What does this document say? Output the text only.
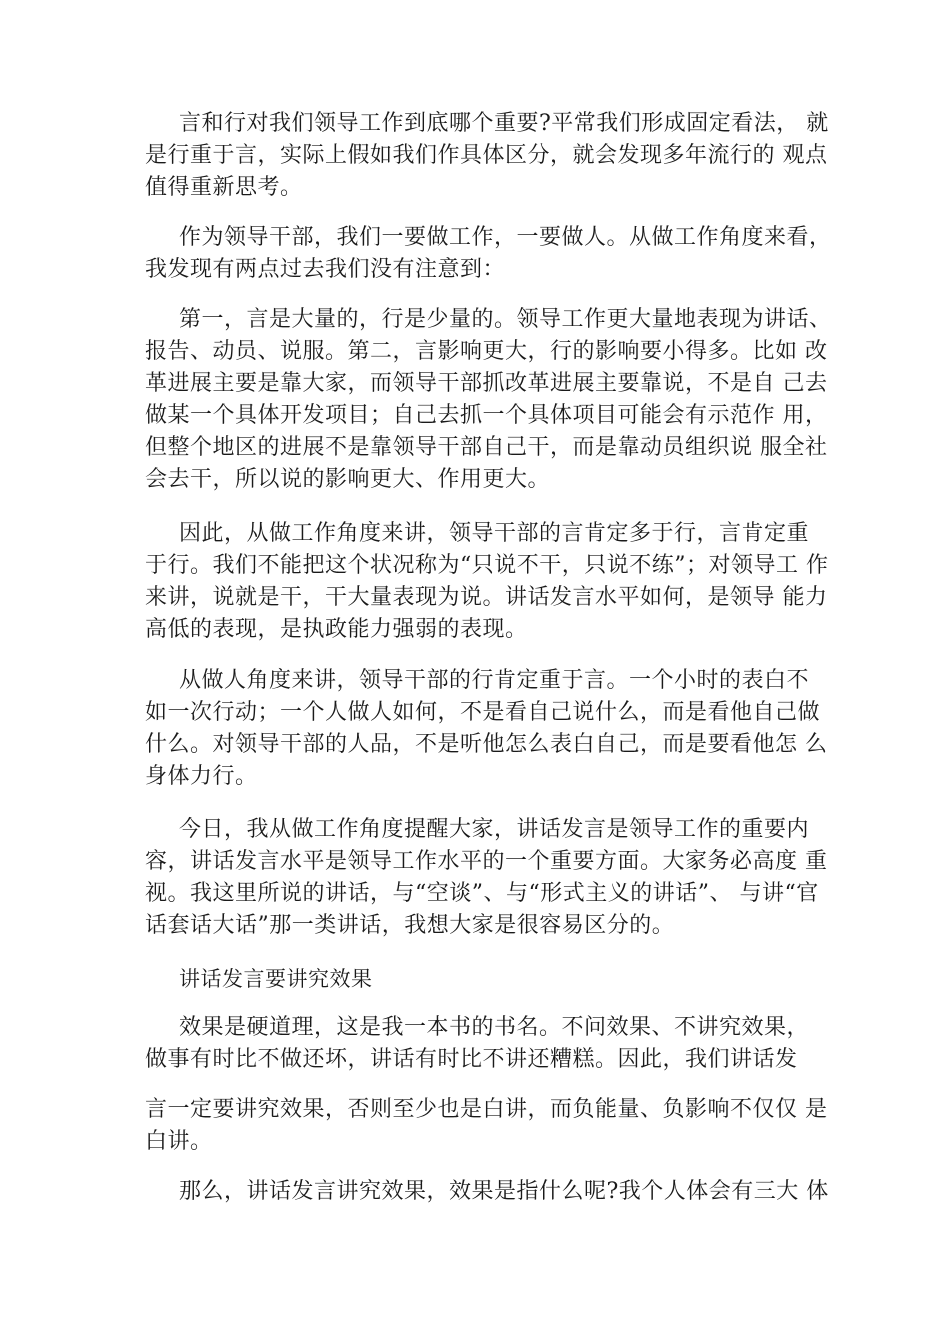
言和行对我们领导工作到底哪个重要?平常我们形成固定看法， 就是行重于言，实际上假如我们作具体区分，就会发现多年流行的 观点值得重新思考。

作为领导干部，我们一要做工作，一要做人。从做工作角度来看， 我发现有两点过去我们没有注意到：

第一，言是大量的，行是少量的。领导工作更大量地表现为讲话、 报告、动员、说服。第二，言影响更大，行的影响要小得多。比如 改革进展主要是靠大家，而领导干部抓改革进展主要靠说，不是自 己去做某一个具体开发项目；自己去抓一个具体项目可能会有示范作 用，但整个地区的进展不是靠领导干部自己干，而是靠动员组织说 服全社会去干，所以说的影响更大、作用更大。

因此，从做工作角度来讲，领导干部的言肯定多于行，言肯定重 于行。我们不能把这个状况称为“只说不干，只说不练”；对领导工 作来讲，说就是干，干大量表现为说。讲话发言水平如何，是领导 能力高低的表现，是执政能力强弱的表现。

从做人角度来讲，领导干部的行肯定重于言。一个小时的表白不 如一次行动；一个人做人如何，不是看自己说什么，而是看他自己做 什么。对领导干部的人品，不是听他怎么表白自己，而是要看他怎 么身体力行。

今日，我从做工作角度提醒大家，讲话发言是领导工作的重要内 容，讲话发言水平是领导工作水平的一个重要方面。大家务必高度 重视。我这里所说的讲话，与“空谈”、与“形式主义的讲话”、 与讲“官话套话大话”那一类讲话，我想大家是很容易区分的。

讲话发言要讲究效果

效果是硬道理，这是我一本书的书名。不问效果、不讲究效果， 做事有时比不做还坏，讲话有时比不讲还糟糕。因此，我们讲话发

言一定要讲究效果，否则至少也是白讲，而负能量、负影响不仅仅 是白讲。

那么，讲话发言讲究效果，效果是指什么呢?我个人体会有三大 体
